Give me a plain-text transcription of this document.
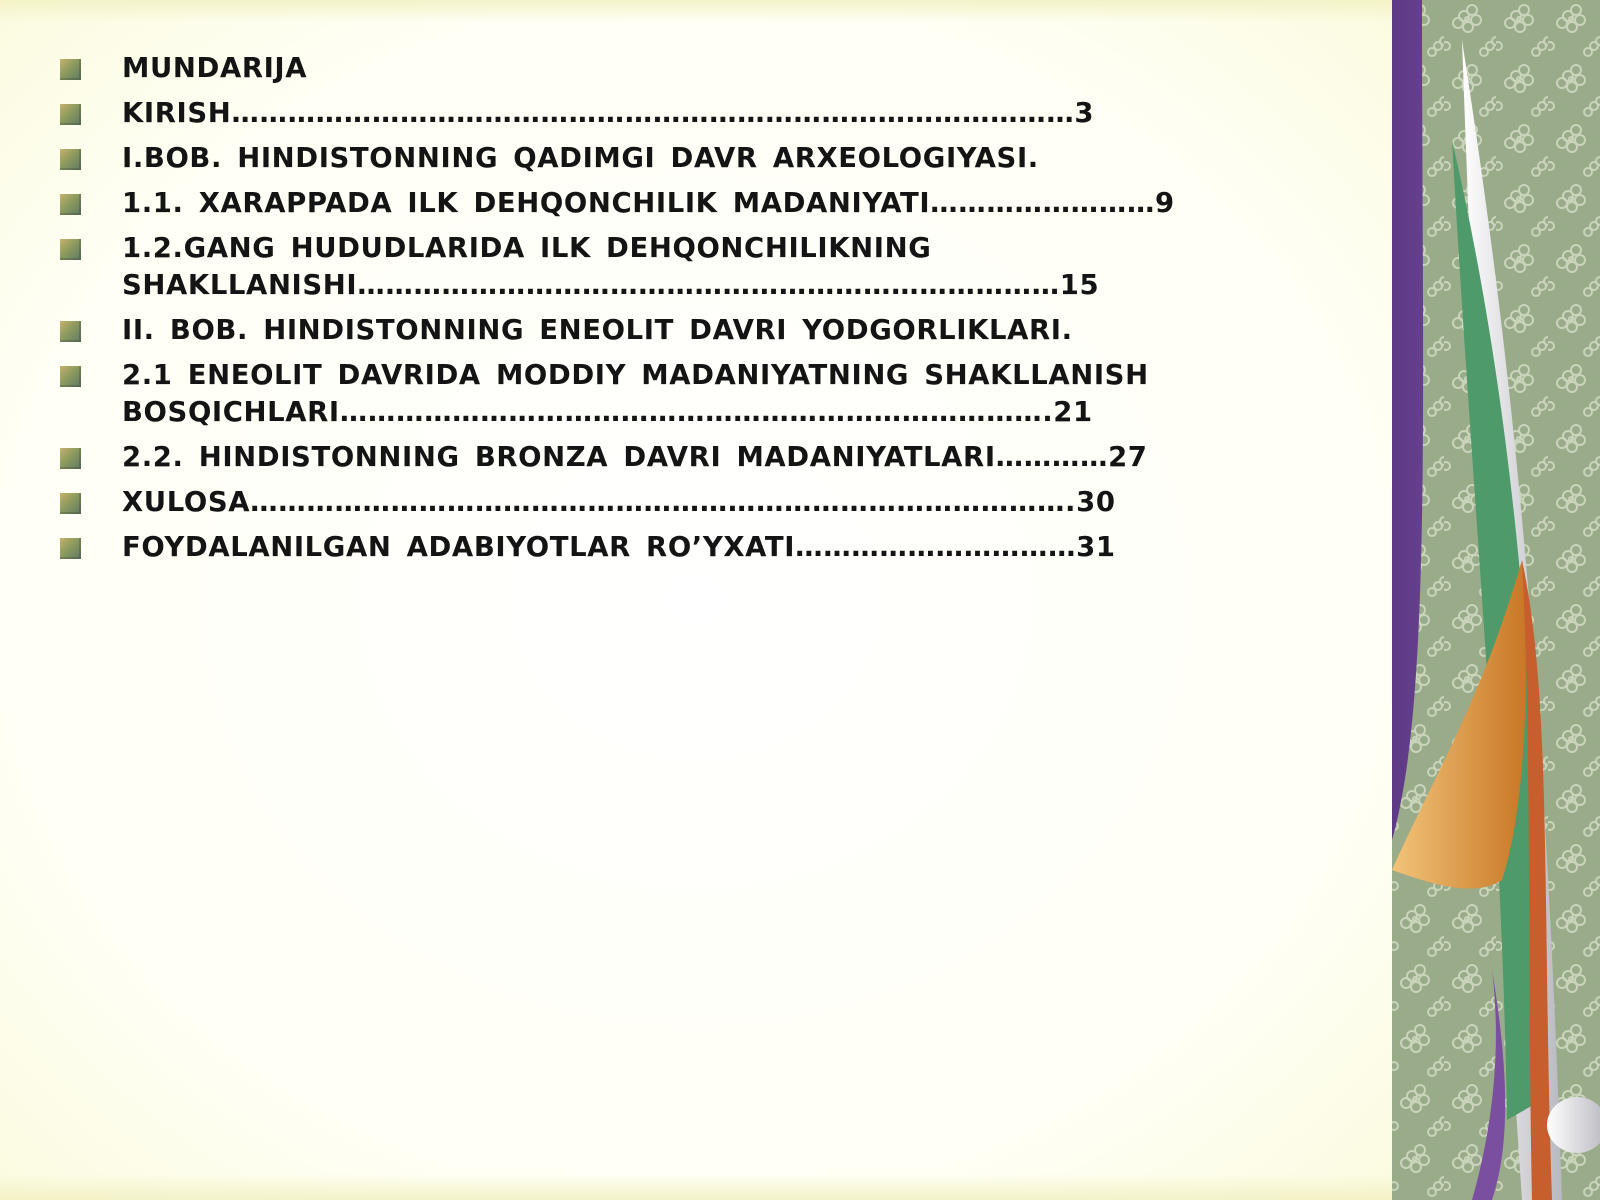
MUNDARIJA
KIRISH………………………………………………………………………………3
I.BOB. HINDISTONNING QADIMGI DAVR ARXEOLOGIYASI.
1.1. XARAPPADA ILK DEHQONCHILIK MADANIYATI……………………9
1.2.GANG HUDUDLARIDA ILK DEHQONCHILIKNING SHAKLLANISHI…………………………………………………………………15
II. BOB. HINDISTONNING ENEOLIT DAVRI YODGORLIKLARI.
2.1 ENEOLIT DAVRIDA MODDIY MADANIYATNING SHAKLLANISH BOSQICHLARI………………………………………………………………….21
2.2. HINDISTONNING BRONZA DAVRI MADANIYATLARI…………27
XULOSA…………………………………………………………………………….30
FOYDALANILGAN ADABIYOTLAR RO’YXATI…………………………31
